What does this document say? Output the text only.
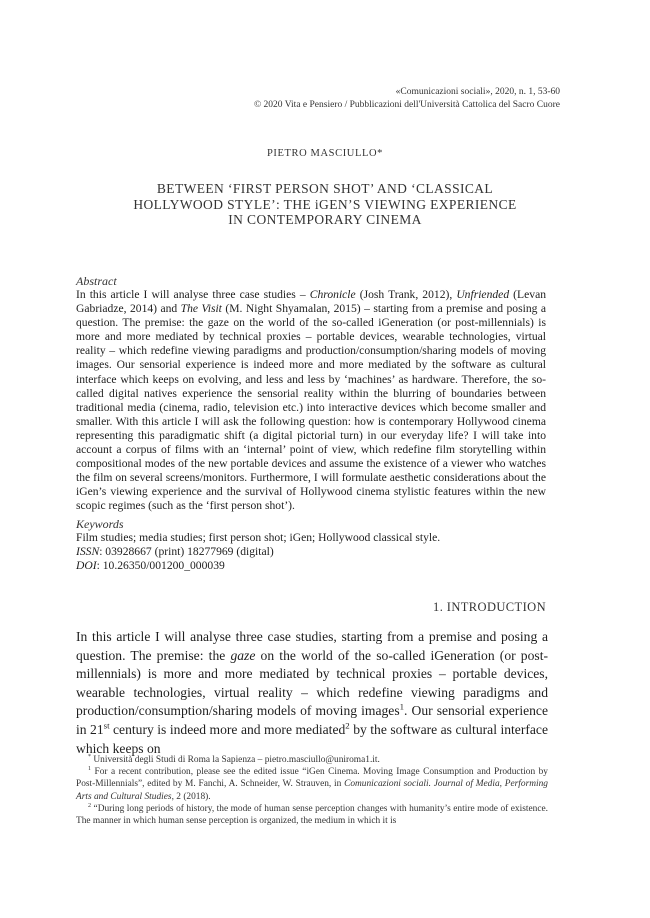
«Comunicazioni sociali», 2020, n. 1, 53-60
© 2020 Vita e Pensiero / Pubblicazioni dell'Università Cattolica del Sacro Cuore
PIETRO MASCIULLO*
BETWEEN ‘FIRST PERSON SHOT’ AND ‘CLASSICAL
HOLLYWOOD STYLE’: THE iGEN’S VIEWING EXPERIENCE
IN CONTEMPORARY CINEMA
Abstract

In this article I will analyse three case studies – Chronicle (Josh Trank, 2012), Unfriended (Levan Gabriadze, 2014) and The Visit (M. Night Shyamalan, 2015) – starting from a premise and posing a question. The premise: the gaze on the world of the so-called iGeneration (or post-millennials) is more and more mediated by technical proxies – portable devices, wearable technologies, virtual reality – which redefine viewing paradigms and production/consumption/sharing models of moving images. Our sensorial experience is indeed more and more mediated by the software as cultural interface which keeps on evolving, and less and less by ‘machines’ as hardware. Therefore, the so-called digital natives experience the sensorial reality within the blurring of boundaries between traditional media (cinema, radio, television etc.) into interactive devices which become smaller and smaller. With this article I will ask the following question: how is contemporary Hollywood cinema representing this paradigmatic shift (a digital pictorial turn) in our everyday life? I will take into account a corpus of films with an ‘internal’ point of view, which redefine film storytelling within compositional modes of the new portable devices and assume the existence of a viewer who watches the film on several screens/monitors. Furthermore, I will formulate aesthetic considerations about the iGen’s viewing experience and the survival of Hollywood cinema stylistic features within the new scopic regimes (such as the ‘first person shot’).

Keywords

Film studies; media studies; first person shot; iGen; Hollywood classical style.

ISSN: 03928667 (print) 18277969 (digital)

DOI: 10.26350/001200_000039

1. INTRODUCTION
In this article I will analyse three case studies, starting from a premise and posing a question. The premise: the gaze on the world of the so-called iGeneration (or post-millennials) is more and more mediated by technical proxies – portable devices, wearable technologies, virtual reality – which redefine viewing paradigms and production/consumption/sharing models of moving images$^1$. Our sensorial experience in 21st century is indeed more and more mediated$^2$ by the software as cultural interface which keeps on

* Università degli Studi di Roma la Sapienza – pietro.masciullo@uniroma1.it.

$^1$ For a recent contribution, please see the edited issue “iGen Cinema. Moving Image Consumption and Production by Post-Millennials”, edited by M. Fanchi, A. Schneider, W. Strauven, in Comunicazioni sociali. Journal of Media, Performing Arts and Cultural Studies, 2 (2018).

$^2$ “During long periods of history, the mode of human sense perception changes with humanity’s entire mode of existence. The manner in which human sense perception is organized, the medium in which it is
